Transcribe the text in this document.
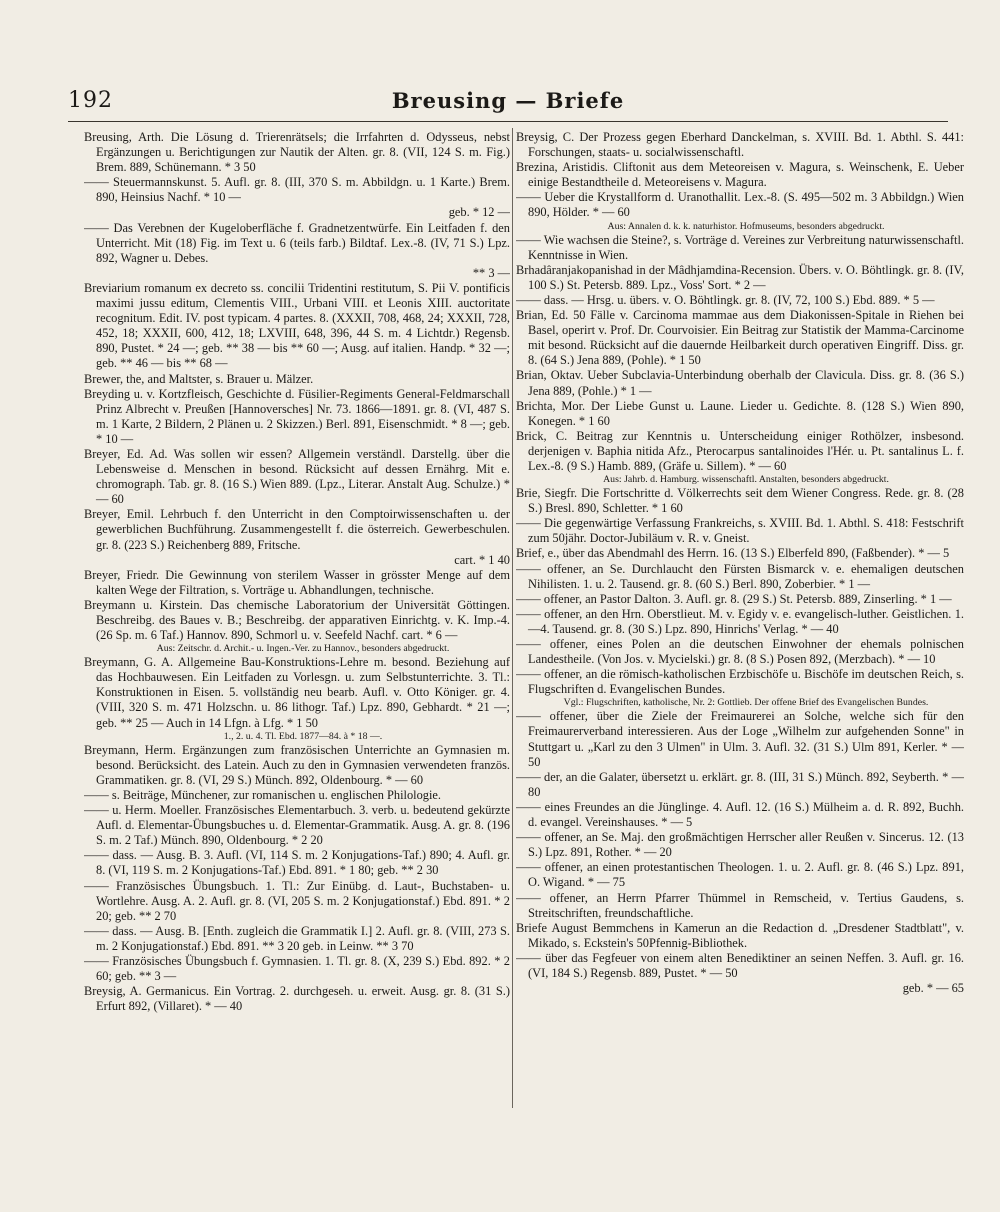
192	Breusing — Briefe

Breusing, Arth. Die Lösung d. Trierenrätsels; die Irrfahrten d. Odysseus, nebst Ergänzungen u. Berichtigungen zur Nautik der Alten. gr. 8. (VII, 124 S. m. Fig.) Brem. 889, Schünemann. * 3 50

—— Steuermannskunst. 5. Aufl. gr. 8. (III, 370 S. m. Abbildgn. u. 1 Karte.) Brem. 890, Heinsius Nachf. * 10 —

geb. * 12 —

—— Das Verebnen der Kugeloberfläche f. Gradnetzentwürfe. Ein Leitfaden f. den Unterricht. Mit (18) Fig. im Text u. 6 (teils farb.) Bildtaf. Lex.-8. (IV, 71 S.) Lpz. 892, Wagner u. Debes.

** 3 —

Breviarium romanum ex decreto ss. concilii Tridentini restitutum, S. Pii V. pontificis maximi jussu editum, Clementis VIII., Urbani VIII. et Leonis XIII. auctoritate recognitum. Edit. IV. post typicam. 4 partes. 8. (XXXII, 708, 468, 24; XXXII, 728, 452, 18; XXXII, 600, 412, 18; LXVIII, 648, 396, 44 S. m. 4 Lichtdr.) Regensb. 890, Pustet. * 24 —; geb. ** 38 — bis ** 60 —; Ausg. auf italien. Handp. * 32 —; geb. ** 46 — bis ** 68 —

Brewer, the, and Maltster, s. Brauer u. Mälzer.

Breyding u. v. Kortzfleisch, Geschichte d. Füsilier-Regiments General-Feldmarschall Prinz Albrecht v. Preußen [Hannoversches] Nr. 73. 1866—1891. gr. 8. (VI, 487 S. m. 1 Karte, 2 Bildern, 2 Plänen u. 2 Skizzen.) Berl. 891, Eisenschmidt. * 8 —; geb. * 10 —

Breyer, Ed. Ad. Was sollen wir essen? Allgemein verständl. Darstellg. über die Lebensweise d. Menschen in besond. Rücksicht auf dessen Ernährg. Mit e. chromograph. Tab. gr. 8. (16 S.) Wien 889. (Lpz., Literar. Anstalt Aug. Schulze.) * — 60

Breyer, Emil. Lehrbuch f. den Unterricht in den Comptoirwissenschaften u. der gewerblichen Buchführung. Zusammengestellt f. die österreich. Gewerbeschulen. gr. 8. (223 S.) Reichenberg 889, Fritsche.

cart. * 1 40

Breyer, Friedr. Die Gewinnung von sterilem Wasser in grösster Menge auf dem kalten Wege der Filtration, s. Vorträge u. Abhandlungen, technische.

Breymann u. Kirstein. Das chemische Laboratorium der Universität Göttingen. Beschreibg. des Baues v. B.; Beschreibg. der apparativen Einrichtg. v. K. Imp.-4. (26 Sp. m. 6 Taf.) Hannov. 890, Schmorl u. v. Seefeld Nachf. cart. * 6 —

Aus: Zeitschr. d. Archit.- u. Ingen.-Ver. zu Hannov., besonders abgedruckt.

Breymann, G. A. Allgemeine Bau-Konstruktions-Lehre m. besond. Beziehung auf das Hochbauwesen. Ein Leitfaden zu Vorlesgn. u. zum Selbstunterrichte. 3. Tl.: Konstruktionen in Eisen. 5. vollständig neu bearb. Aufl. v. Otto Königer. gr. 4. (VIII, 320 S. m. 471 Holzschn. u. 86 lithogr. Taf.) Lpz. 890, Gebhardt. * 21 —; geb. ** 25 — Auch in 14 Lfgn. à Lfg. * 1 50

1., 2. u. 4. Tl. Ebd. 1877—84. à * 18 —.

Breymann, Herm. Ergänzungen zum französischen Unterrichte an Gymnasien m. besond. Berücksicht. des Latein. Auch zu den in Gymnasien verwendeten französ. Grammatiken. gr. 8. (VI, 29 S.) Münch. 892, Oldenbourg. * — 60

—— s. Beiträge, Münchener, zur romanischen u. englischen Philologie.

—— u. Herm. Moeller. Französisches Elementarbuch. 3. verb. u. bedeutend gekürzte Aufl. d. Elementar-Übungsbuches u. d. Elementar-Grammatik. Ausg. A. gr. 8. (196 S. m. 2 Taf.) Münch. 890, Oldenbourg. * 2 20

—— dass. — Ausg. B. 3. Aufl. (VI, 114 S. m. 2 Konjugations-Taf.) 890; 4. Aufl. gr. 8. (VI, 119 S. m. 2 Konjugations-Taf.) Ebd. 891. * 1 80; geb. ** 2 30

—— Französisches Übungsbuch. 1. Tl.: Zur Einübg. d. Laut-, Buchstaben- u. Wortlehre. Ausg. A. 2. Aufl. gr. 8. (VI, 205 S. m. 2 Konjugationstaf.) Ebd. 891. * 2 20; geb. ** 2 70

—— dass. — Ausg. B. [Enth. zugleich die Grammatik I.] 2. Aufl. gr. 8. (VIII, 273 S. m. 2 Konjugationstaf.) Ebd. 891. ** 3 20 geb. in Leinw. ** 3 70

—— Französisches Übungsbuch f. Gymnasien. 1. Tl. gr. 8. (X, 239 S.) Ebd. 892. * 2 60; geb. ** 3 —

Breysig, A. Germanicus. Ein Vortrag. 2. durchgeseh. u. erweit. Ausg. gr. 8. (31 S.) Erfurt 892, (Villaret). * — 40

Breysig, C. Der Prozess gegen Eberhard Danckelman, s. XVIII. Bd. 1. Abthl. S. 441: Forschungen, staats- u. socialwissenschaftl.

Brezina, Aristidis. Cliftonit aus dem Meteoreisen v. Magura, s. Weinschenk, E. Ueber einige Bestandtheile d. Meteoreisens v. Magura.

—— Ueber die Krystallform d. Uranothallit. Lex.-8. (S. 495—502 m. 3 Abbildgn.) Wien 890, Hölder. * — 60

Aus: Annalen d. k. k. naturhistor. Hofmuseums, besonders abgedruckt.

—— Wie wachsen die Steine?, s. Vorträge d. Vereines zur Verbreitung naturwissenschaftl. Kenntnisse in Wien.

Brhadâranjakopanishad in der Mâdhjamdina-Recension. Übers. v. O. Böhtlingk. gr. 8. (IV, 100 S.) St. Petersb. 889. Lpz., Voss' Sort. * 2 —

—— dass. — Hrsg. u. übers. v. O. Böhtlingk. gr. 8. (IV, 72, 100 S.) Ebd. 889. * 5 —

Brian, Ed. 50 Fälle v. Carcinoma mammae aus dem Diakonissen-Spitale in Riehen bei Basel, operirt v. Prof. Dr. Courvoisier. Ein Beitrag zur Statistik der Mamma-Carcinome mit besond. Rücksicht auf die dauernde Heilbarkeit durch operativen Eingriff. Diss. gr. 8. (64 S.) Jena 889, (Pohle). * 1 50

Brian, Oktav. Ueber Subclavia-Unterbindung oberhalb der Clavicula. Diss. gr. 8. (36 S.) Jena 889, (Pohle.) * 1 —

Brichta, Mor. Der Liebe Gunst u. Laune. Lieder u. Gedichte. 8. (128 S.) Wien 890, Konegen. * 1 60

Brick, C. Beitrag zur Kenntnis u. Unterscheidung einiger Rothölzer, insbesond. derjenigen v. Baphia nitida Afz., Pterocarpus santalinoides l'Hér. u. Pt. santalinus L. f. Lex.-8. (9 S.) Hamb. 889, (Gräfe u. Sillem). * — 60

Aus: Jahrb. d. Hamburg. wissenschaftl. Anstalten, besonders abgedruckt.

Brie, Siegfr. Die Fortschritte d. Völkerrechts seit dem Wiener Congress. Rede. gr. 8. (28 S.) Bresl. 890, Schletter. * 1 60

—— Die gegenwärtige Verfassung Frankreichs, s. XVIII. Bd. 1. Abthl. S. 418: Festschrift zum 50jähr. Doctor-Jubiläum v. R. v. Gneist.

Brief, e., über das Abendmahl des Herrn. 16. (13 S.) Elberfeld 890, (Faßbender). * — 5

—— offener, an Se. Durchlaucht den Fürsten Bismarck v. e. ehemaligen deutschen Nihilisten. 1. u. 2. Tausend. gr. 8. (60 S.) Berl. 890, Zoberbier. * 1 —

—— offener, an Pastor Dalton. 3. Aufl. gr. 8. (29 S.) St. Petersb. 889, Zinserling. * 1 —

—— offener, an den Hrn. Oberstlieut. M. v. Egidy v. e. evangelisch-luther. Geistlichen. 1.—4. Tausend. gr. 8. (30 S.) Lpz. 890, Hinrichs' Verlag. * — 40

—— offener, eines Polen an die deutschen Einwohner der ehemals polnischen Landestheile. (Von Jos. v. Mycielski.) gr. 8. (8 S.) Posen 892, (Merzbach). * — 10

—— offener, an die römisch-katholischen Erzbischöfe u. Bischöfe im deutschen Reich, s. Flugschriften d. Evangelischen Bundes.

Vgl.: Flugschriften, katholische, Nr. 2: Gottlieb. Der offene Brief des Evangelischen Bundes.

—— offener, über die Ziele der Freimaurerei an Solche, welche sich für den Freimaurerverband interessieren. Aus der Loge „Wilhelm zur aufgehenden Sonne" in Stuttgart u. „Karl zu den 3 Ulmen" in Ulm. 3. Aufl. 32. (31 S.) Ulm 891, Kerler. * — 50

—— der, an die Galater, übersetzt u. erklärt. gr. 8. (III, 31 S.) Münch. 892, Seyberth. * — 80

—— eines Freundes an die Jünglinge. 4. Aufl. 12. (16 S.) Mülheim a. d. R. 892, Buchh. d. evangel. Vereinshauses. * — 5

—— offener, an Se. Maj. den großmächtigen Herrscher aller Reußen v. Sincerus. 12. (13 S.) Lpz. 891, Rother. * — 20

—— offener, an einen protestantischen Theologen. 1. u. 2. Aufl. gr. 8. (46 S.) Lpz. 891, O. Wigand. * — 75

—— offener, an Herrn Pfarrer Thümmel in Remscheid, v. Tertius Gaudens, s. Streitschriften, freundschaftliche.

Briefe August Bemmchens in Kamerun an die Redaction d. „Dresdener Stadtblatt", v. Mikado, s. Eckstein's 50Pfennig-Bibliothek.

—— über das Fegfeuer von einem alten Benediktiner an seinen Neffen. 3. Aufl. gr. 16. (VI, 184 S.) Regensb. 889, Pustet. * — 50

geb. * — 65
